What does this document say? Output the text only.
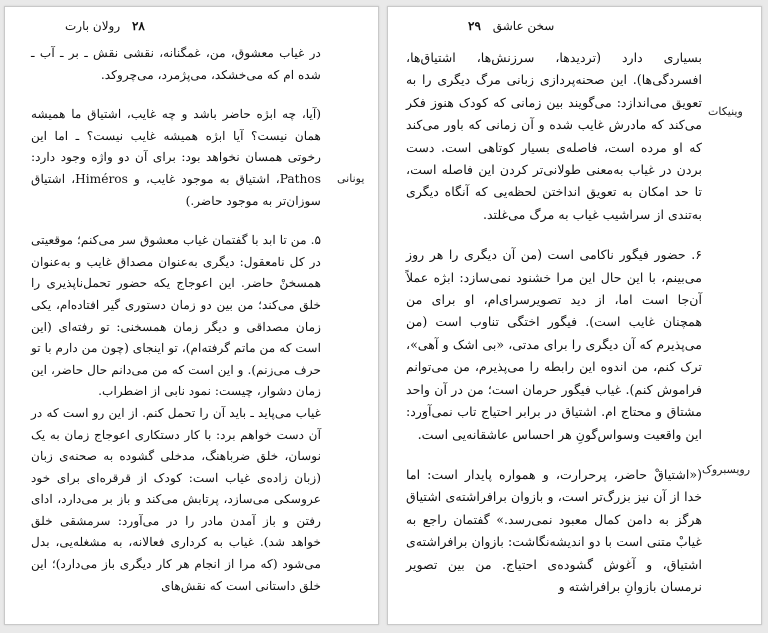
۲۸ رولان بارت

در غیاب معشوق، من، غمگنانه، نقشی نقش ـ بر ـ آب ـ شده ام که می‌خشکد، می‌پژمرد، می‌چروکد.

(آیا، چه ابژه حاضر باشد و چه غایب، اشتیاق ما همیشه همان نیست؟ آیا ابژه همیشه غایب نیست؟ ـ اما این رخوتی همسان نخواهد بود: برای آن دو واژه وجود دارد: Pathos، اشتیاق به موجود غایب، و Himéros، اشتیاق سوزان‌تر به موجود حاضر.)

۵. من تا ابد با گفتمان غیاب معشوق سر می‌کنم؛ موقعیتی در کل نامعقول: دیگری به‌عنوان مصداق غایب و به‌عنوان همسخنْ حاضر. این اعوجاج یکه حضور تحمل‌ناپذیری را خلق می‌کند؛ من بین دو زمان دستوری گیر افتاده‌ام، یکی زمان مصداقی و دیگر زمان همسخنی: تو رفته‌ای (این است که من ماتم گرفته‌ام)، تو اینجای (چون من دارم با تو حرف می‌زنم). و این است که من می‌دانم حال حاضر، این زمان دشوار، چیست: نمود نابی از اضطراب.

غیاب می‌پاید ـ باید آن را تحمل کنم. از این رو است که در آن دست خواهم برد: با کار دستکاری اعوجاج زمان به یک نوسان، خلق ضرباهنگ، مدخلی گشوده به صحنه‌ی زبان (زبان زاده‌ی غیاب است: کودک از قرقره‌ای برای خود عروسکی می‌سازد، پرتابش می‌کند و باز بر می‌دارد، ادای رفتن و باز آمدن مادر را در می‌آورد: سرمشقی خلق خواهد شد). غیاب به کرداری فعالانه، به مشغله‌یی، بدل می‌شود (که مرا از انجام هر کار دیگری باز می‌دارد)؛ این خلق داستانی است که نقش‌های

یونانی
سخن عاشق ۲۹

بسیاری دارد (تردیدها، سرزنش‌ها، اشتیاق‌ها، افسردگی‌ها). این صحنه‌پردازی زبانی مرگ دیگری را به تعویق می‌اندازد: می‌گویند بین زمانی که کودک هنوز فکر می‌کند که مادرش غایب شده و آن زمانی که باور می‌کند که او مرده است، فاصله‌ی بسیار کوتاهی است. دست بردن در غیاب به‌معنی طولانی‌تر کردن این فاصله است، تا حد امکان به تعویق انداختن لحظه‌یی که آنگاه دیگری به‌تندی از سراشیب غیاب به مرگ می‌غلتد.

۶. حضور فیگور ناکامی است (من آن دیگری را هر روز می‌بینم، با این حال این مرا خشنود نمی‌سازد: ابژه عملاً آن‌جا است اما، از دید تصویرسرای‌ام، او برای من همچنان غایب است). فیگور اختگی تناوب است (من می‌پذیرم که آن دیگری را برای مدتی، «بی اشک و آهی»، ترک کنم، من اندوه این رابطه را می‌پذیرم، من می‌توانم فراموش کنم). غیاب فیگور حرمان است؛ من در آن واحد مشتاق و محتاج ام. اشتیاق در برابر احتیاج تاب نمی‌آورد: این واقعیت وسواس‌گونِ هر احساس عاشقانه‌یی است.

(«اشتیاقْ حاضر، پرحرارت، و همواره پایدار است: اما خدا از آن نیز بزرگ‌تر است، و بازوان برافراشته‌ی اشتیاق هرگز به دامن کمال معبود نمی‌رسد.» گفتمان راجع به غیابْ متنی است با دو اندیشه‌نگاشت: بازوان برافراشته‌ی اشتیاق، و آغوش گشوده‌ی احتیاج. من بین تصویر نرمسان بازوانِ برافراشته و

وینیکات
رویسبروک
